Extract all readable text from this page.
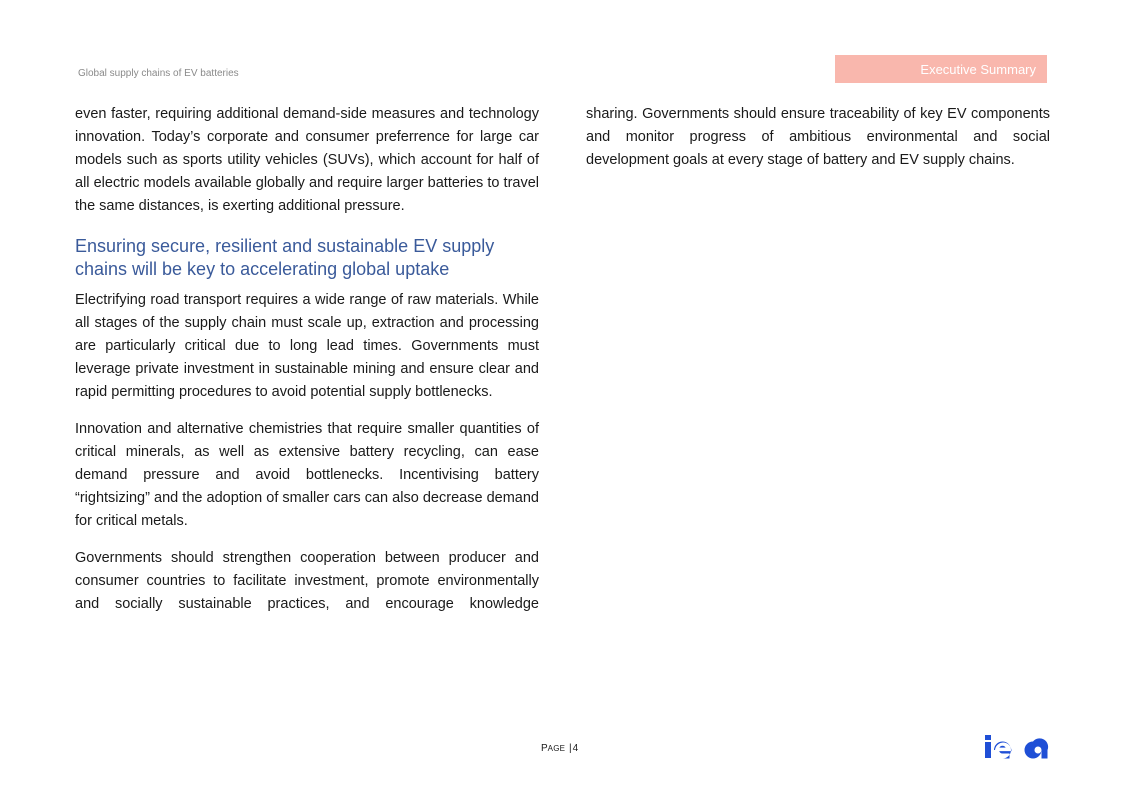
Global supply chains of EV batteries	Executive Summary

even faster, requiring additional demand-side measures and technology innovation. Today’s corporate and consumer preferrence for large car models such as sports utility vehicles (SUVs), which account for half of all electric models available globally and require larger batteries to travel the same distances, is exerting additional pressure.

Ensuring secure, resilient and sustainable EV supply chains will be key to accelerating global uptake

Electrifying road transport requires a wide range of raw materials. While all stages of the supply chain must scale up, extraction and processing are particularly critical due to long lead times. Governments must leverage private investment in sustainable mining and ensure clear and rapid permitting procedures to avoid potential supply bottlenecks.

Innovation and alternative chemistries that require smaller quantities of critical minerals, as well as extensive battery recycling, can ease demand pressure and avoid bottlenecks. Incentivising battery “rightsizing” and the adoption of smaller cars can also decrease demand for critical metals.

Governments should strengthen cooperation between producer and consumer countries to facilitate investment, promote environmentally and socially sustainable practices, and encourage knowledge

sharing. Governments should ensure traceability of key EV components and monitor progress of ambitious environmental and social development goals at every stage of battery and EV supply chains.

PAGE |4
